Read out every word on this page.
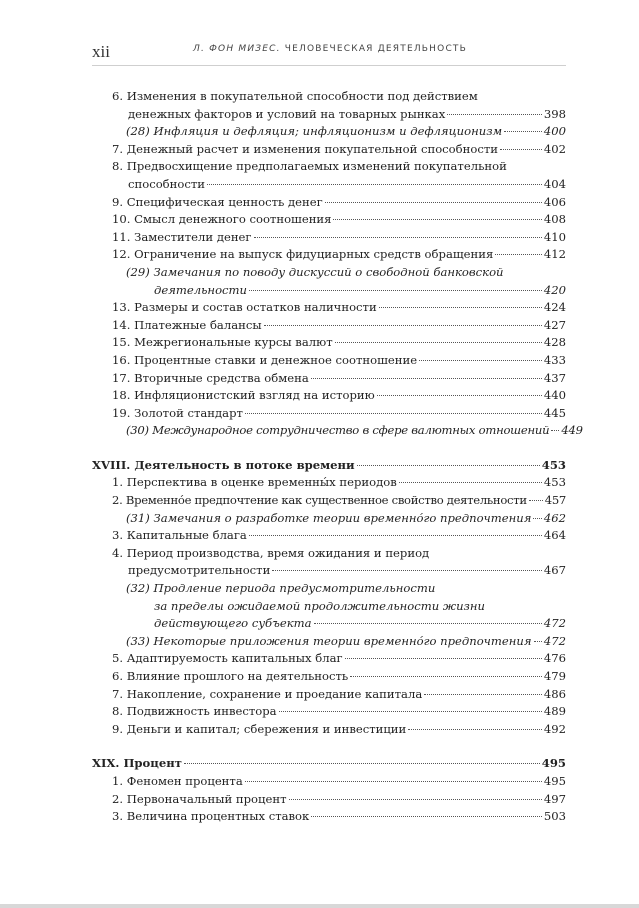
xii	Л. ФОН МИЗЕС. ЧЕЛОВЕЧЕСКАЯ ДЕЯТЕЛЬНОСТЬ
6. Изменения в покупательной способности под действием
денежных факторов и условий на товарных рынках	398
(28) Инфляция и дефляция; инфляционизм и дефляционизм	400
7. Денежный расчет и изменения покупательной способности	402
8. Предвосхищение предполагаемых изменений покупательной
способности	404
9. Специфическая ценность денег	406
10. Смысл денежного соотношения	408
11. Заместители денег	410
12. Ограничение на выпуск фидуциарных средств обращения	412
(29) Замечания по поводу дискуссий о свободной банковской
деятельности	420
13. Размеры и состав остатков наличности	424
14. Платежные балансы	427
15. Межрегиональные курсы валют	428
16. Процентные ставки и денежное соотношение	433
17. Вторичные средства обмена	437
18. Инфляционистский взгляд на историю	440
19. Золотой стандарт	445
(30) Международное сотрудничество в сфере валютных отношений 449
XVIII. Деятельность в потоке времени	453
1. Перспектива в оценке временны́х периодов	453
2. Временно́е предпочтение как существенное свойство деятельности 457
(31) Замечания о разработке теории временно́го предпочтения 462
3. Капитальные блага	464
4. Период производства, время ожидания и период
предусмотрительности	467
(32) Продление периода предусмотрительности
за пределы ожидаемой продолжительности жизни
действующего субъекта	472
(33) Некоторые приложения теории временно́го предпочтения 472
5. Адаптируемость капитальных благ	476
6. Влияние прошлого на деятельность	479
7. Накопление, сохранение и проедание капитала	486
8. Подвижность инвестора	489
9. Деньги и капитал; сбережения и инвестиции	492
XIX. Процент	495
1. Феномен процента	495
2. Первоначальный процент	497
3. Величина процентных ставок	503
